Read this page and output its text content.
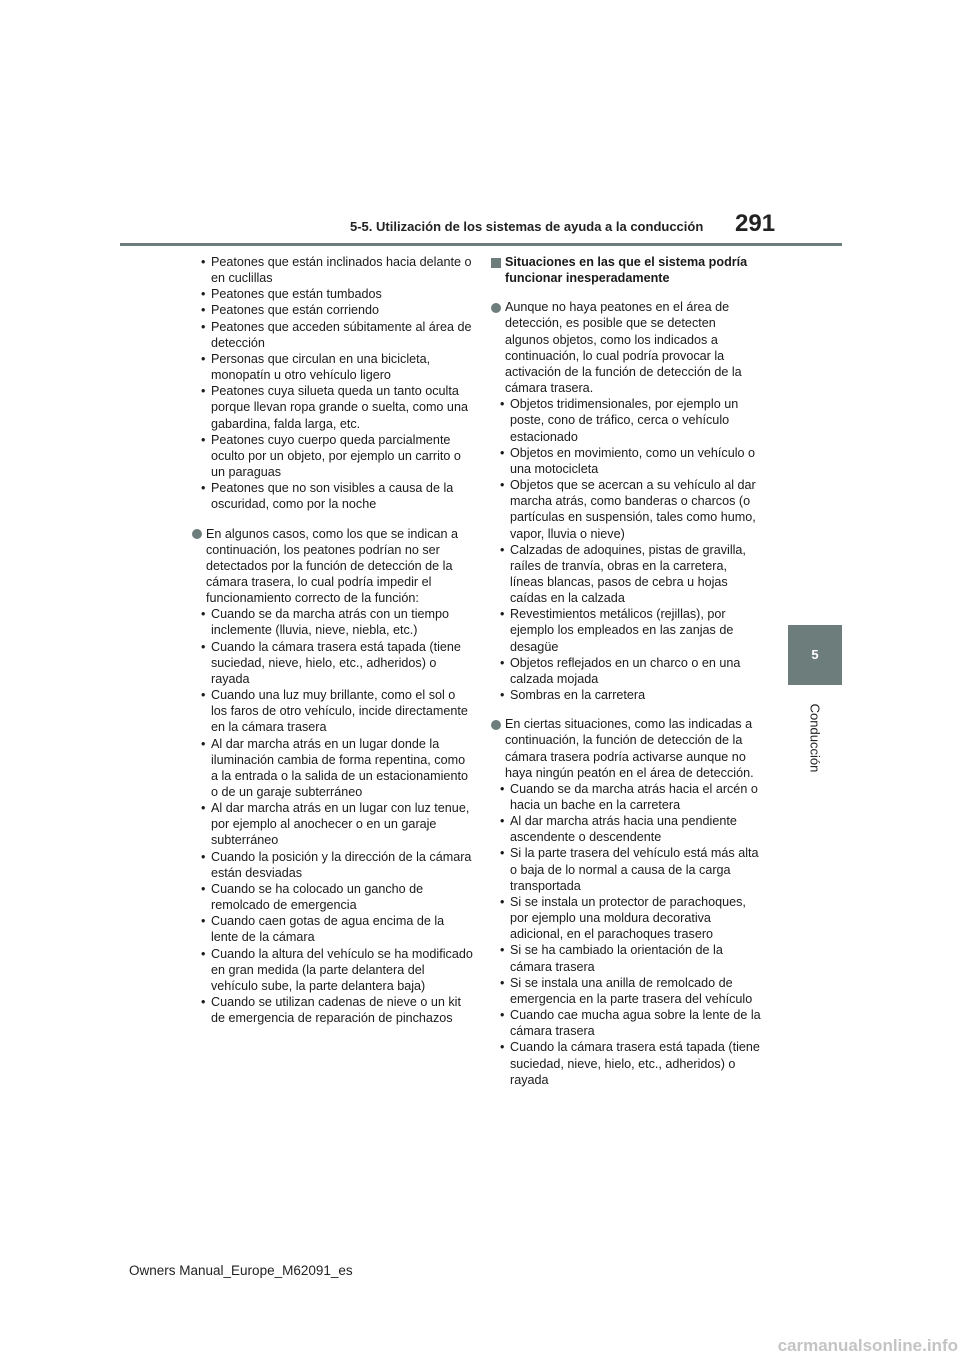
5-5. Utilización de los sistemas de ayuda a la conducción 291
5
Conducción

• Peatones que están inclinados hacia delante o en cuclillas

• Peatones que están tumbados

• Peatones que están corriendo

• Peatones que acceden súbitamente al área de detección

• Personas que circulan en una bicicleta, monopatín u otro vehículo ligero

• Peatones cuya silueta queda un tanto oculta porque llevan ropa grande o suelta, como una gabardina, falda larga, etc.

• Peatones cuyo cuerpo queda parcialmente oculto por un objeto, por ejemplo un carrito o un paraguas

• Peatones que no son visibles a causa de la oscuridad, como por la noche

En algunos casos, como los que se indican a continuación, los peatones podrían no ser detectados por la función de detección de la cámara trasera, lo cual podría impedir el funcionamiento correcto de la función:

• Cuando se da marcha atrás con un tiempo inclemente (lluvia, nieve, niebla, etc.)

• Cuando la cámara trasera está tapada (tiene suciedad, nieve, hielo, etc., adheridos) o rayada

• Cuando una luz muy brillante, como el sol o los faros de otro vehículo, incide directamente en la cámara trasera

• Al dar marcha atrás en un lugar donde la iluminación cambia de forma repentina, como a la entrada o la salida de un estacionamiento o de un garaje subterráneo

• Al dar marcha atrás en un lugar con luz tenue, por ejemplo al anochecer o en un garaje subterráneo

• Cuando la posición y la dirección de la cámara están desviadas

• Cuando se ha colocado un gancho de remolcado de emergencia

• Cuando caen gotas de agua encima de la lente de la cámara

• Cuando la altura del vehículo se ha modificado en gran medida (la parte delantera del vehículo sube, la parte delantera baja)

• Cuando se utilizan cadenas de nieve o un kit de emergencia de reparación de pinchazos

Situaciones en las que el sistema podría funcionar inesperadamente

Aunque no haya peatones en el área de detección, es posible que se detecten algunos objetos, como los indicados a continuación, lo cual podría provocar la activación de la función de detección de la cámara trasera.

• Objetos tridimensionales, por ejemplo un poste, cono de tráfico, cerca o vehículo estacionado

• Objetos en movimiento, como un vehículo o una motocicleta

• Objetos que se acercan a su vehículo al dar marcha atrás, como banderas o charcos (o partículas en suspensión, tales como humo, vapor, lluvia o nieve)

• Calzadas de adoquines, pistas de gravilla, raíles de tranvía, obras en la carretera, líneas blancas, pasos de cebra u hojas caídas en la calzada

• Revestimientos metálicos (rejillas), por ejemplo los empleados en las zanjas de desagüe

• Objetos reflejados en un charco o en una calzada mojada

• Sombras en la carretera

En ciertas situaciones, como las indicadas a continuación, la función de detección de la cámara trasera podría activarse aunque no haya ningún peatón en el área de detección.

• Cuando se da marcha atrás hacia el arcén o hacia un bache en la carretera

• Al dar marcha atrás hacia una pendiente ascendente o descendente

• Si la parte trasera del vehículo está más alta o baja de lo normal a causa de la carga transportada

• Si se instala un protector de parachoques, por ejemplo una moldura decorativa adicional, en el parachoques trasero

• Si se ha cambiado la orientación de la cámara trasera

• Si se instala una anilla de remolcado de emergencia en la parte trasera del vehículo

• Cuando cae mucha agua sobre la lente de la cámara trasera

• Cuando la cámara trasera está tapada (tiene suciedad, nieve, hielo, etc., adheridos) o rayada

Owners Manual_Europe_M62091_es
carmanualsonline.info
